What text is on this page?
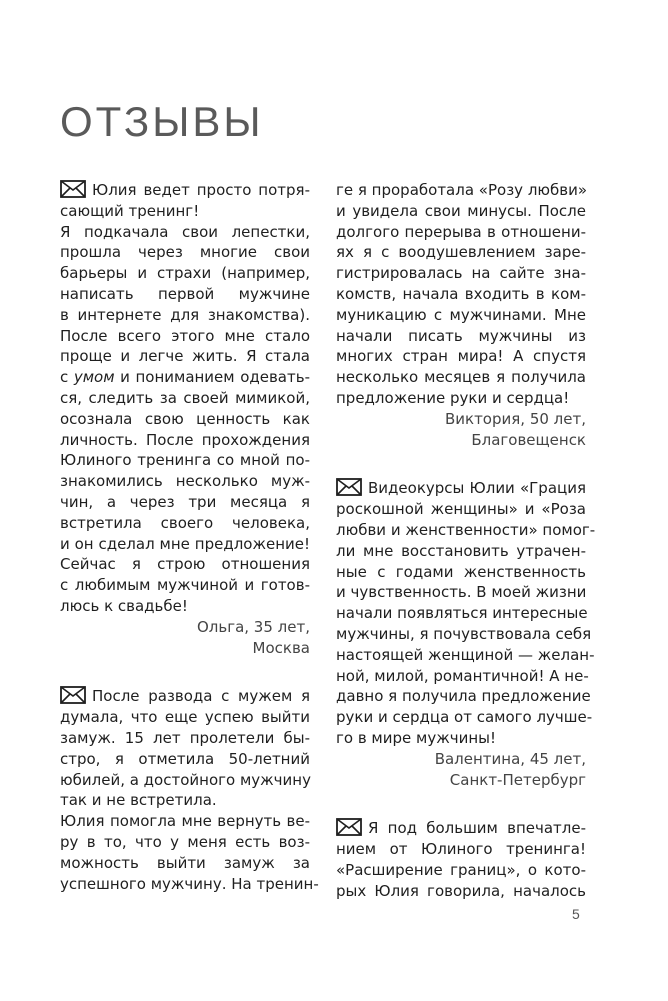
ОТЗЫВЫ
Юлия ведет просто потря-
сающий тренинг!
Я подкачала свои лепестки,
прошла через многие свои
барьеры и страхи (например,
написать первой мужчине
в интернете для знакомства).
После всего этого мне стало
проще и легче жить. Я стала
с умом и пониманием одевать-
ся, следить за своей мимикой,
осознала свою ценность как
личность. После прохождения
Юлиного тренинга со мной по-
знакомились несколько муж-
чин, а через три месяца я
встретила своего человека,
и он сделал мне предложение!
Сейчас я строю отношения
с любимым мужчиной и готов-
люсь к свадьбе!
Ольга, 35 лет,
Москва
После развода с мужем я
думала, что еще успею выйти
замуж. 15 лет пролетели бы-
стро, я отметила 50-летний
юбилей, а достойного мужчину
так и не встретила.
Юлия помогла мне вернуть ве-
ру в то, что у меня есть воз-
можность выйти замуж за
успешного мужчину. На тренин-
ге я проработала «Розу любви»
и увидела свои минусы. После
долгого перерыва в отношени-
ях я с воодушевлением заре-
гистрировалась на сайте зна-
комств, начала входить в ком-
муникацию с мужчинами. Мне
начали писать мужчины из
многих стран мира! А спустя
несколько месяцев я получила
предложение руки и сердца!
Виктория, 50 лет,
Благовещенск
Видеокурсы Юлии «Грация
роскошной женщины» и «Роза
любви и женственности» помог-
ли мне восстановить утрачен-
ные с годами женственность
и чувственность. В моей жизни
начали появляться интересные
мужчины, я почувствовала себя
настоящей женщиной — желан-
ной, милой, романтичной! А не-
давно я получила предложение
руки и сердца от самого лучше-
го в мире мужчины!
Валентина, 45 лет,
Санкт-Петербург
Я под большим впечатле-
нием от Юлиного тренинга!
«Расширение границ», о кото-
рых Юлия говорила, началось
5
